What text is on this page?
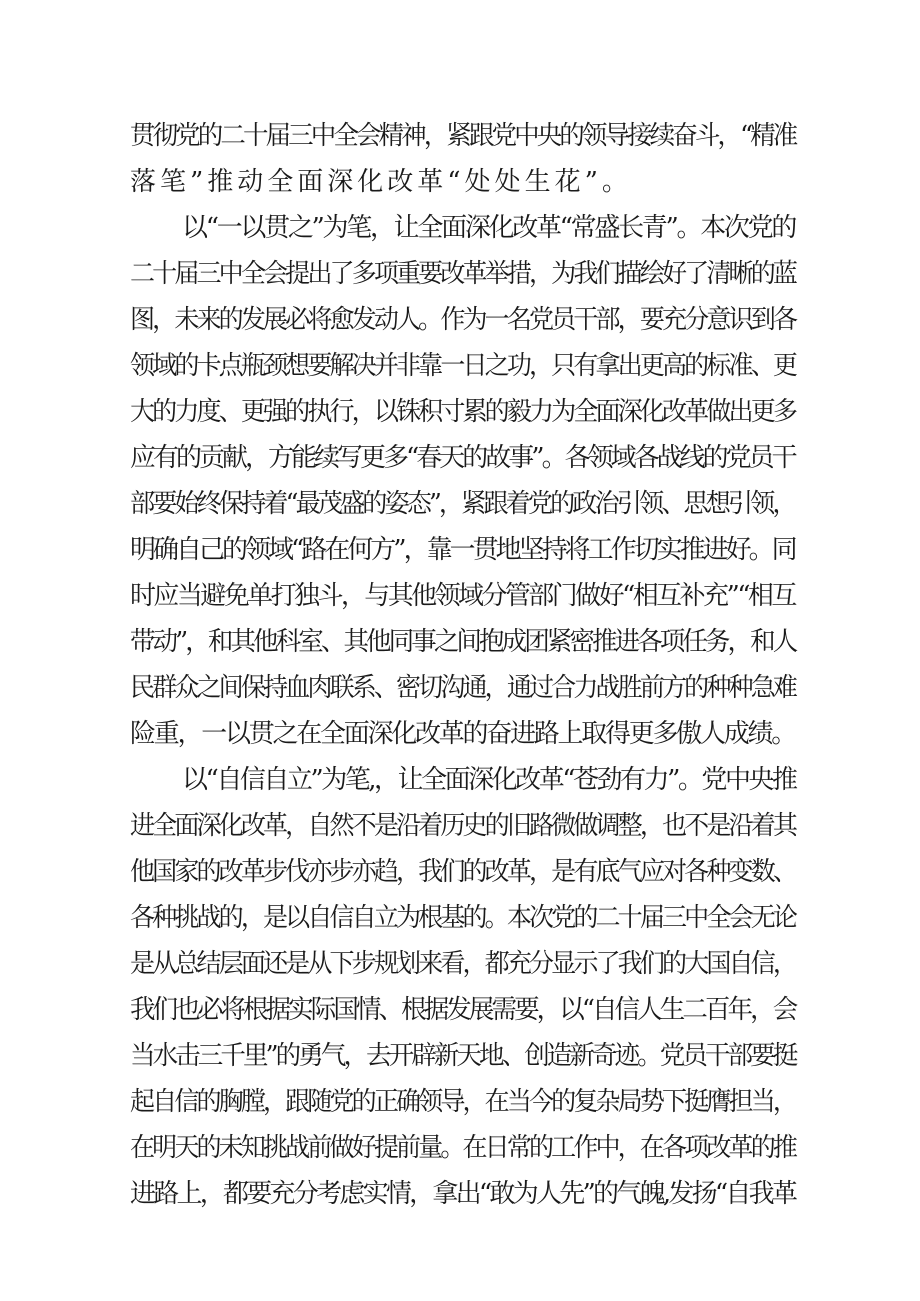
贯彻党的二十届三中全会精神，紧跟党中央的领导接续奋斗，“精准
落笔”推动全面深化改革“处处生花”。
以“一以贯之”为笔，让全面深化改革“常盛长青”。本次党的
二十届三中全会提出了多项重要改革举措，为我们描绘好了清晰的蓝
图，未来的发展必将愈发动人。作为一名党员干部，要充分意识到各
领域的卡点瓶颈想要解决并非靠一日之功，只有拿出更高的标准、更
大的力度、更强的执行，以铢积寸累的毅力为全面深化改革做出更多
应有的贡献，方能续写更多“春天的故事”。各领域各战线的党员干
部要始终保持着“最茂盛的姿态”，紧跟着党的政治引领、思想引领，
明确自己的领域“路在何方”，靠一贯地坚持将工作切实推进好。同
时应当避免单打独斗，与其他领域分管部门做好“相互补充”“相互
带动”，和其他科室、其他同事之间抱成团紧密推进各项任务，和人
民群众之间保持血肉联系、密切沟通，通过合力战胜前方的种种急难
险重，一以贯之在全面深化改革的奋进路上取得更多傲人成绩。
以“自信自立”为笔,，让全面深化改革“苍劲有力”。党中央推
进全面深化改革，自然不是沿着历史的旧路微做调整，也不是沿着其
他国家的改革步伐亦步亦趋，我们的改革，是有底气应对各种变数、
各种挑战的，是以自信自立为根基的。本次党的二十届三中全会无论
是从总结层面还是从下步规划来看，都充分显示了我们的大国自信，
我们也必将根据实际国情、根据发展需要，以“自信人生二百年，会
当水击三千里”的勇气，去开辟新天地、创造新奇迹。党员干部要挺
起自信的胸膛，跟随党的正确领导，在当今的复杂局势下挺膺担当，
在明天的未知挑战前做好提前量。在日常的工作中，在各项改革的推
进路上，都要充分考虑实情，拿出“敢为人先”的气魄,发扬“自我革
